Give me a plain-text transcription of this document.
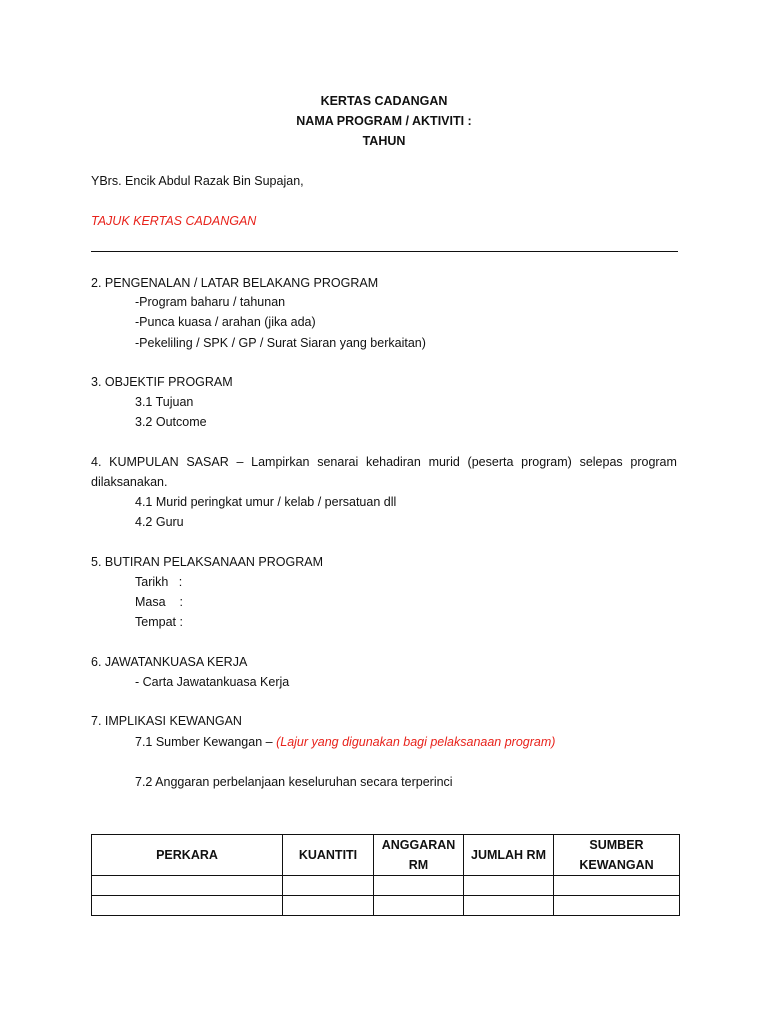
KERTAS CADANGAN
NAMA PROGRAM / AKTIVITI :
TAHUN
YBrs. Encik Abdul Razak Bin Supajan,
TAJUK KERTAS CADANGAN
2. PENGENALAN / LATAR BELAKANG PROGRAM
-Program baharu / tahunan
-Punca kuasa / arahan (jika ada)
-Pekeliling / SPK / GP / Surat Siaran yang berkaitan)
3. OBJEKTIF PROGRAM
3.1 Tujuan
3.2 Outcome
4. KUMPULAN SASAR – Lampirkan senarai kehadiran murid (peserta program) selepas program
dilaksanakan.
4.1 Murid peringkat umur / kelab / persatuan dll
4.2 Guru
5. BUTIRAN PELAKSANAAN PROGRAM
Tarikh   :
Masa    :
Tempat :
6. JAWATANKUASA KERJA
- Carta Jawatankuasa Kerja
7. IMPLIKASI KEWANGAN
7.1 Sumber Kewangan – (Lajur yang digunakan bagi pelaksanaan program)
7.2 Anggaran perbelanjaan keseluruhan secara terperinci
PERKARA	KUANTITI	ANGGARAN RM	JUMLAH RM	SUMBER KEWANGAN
